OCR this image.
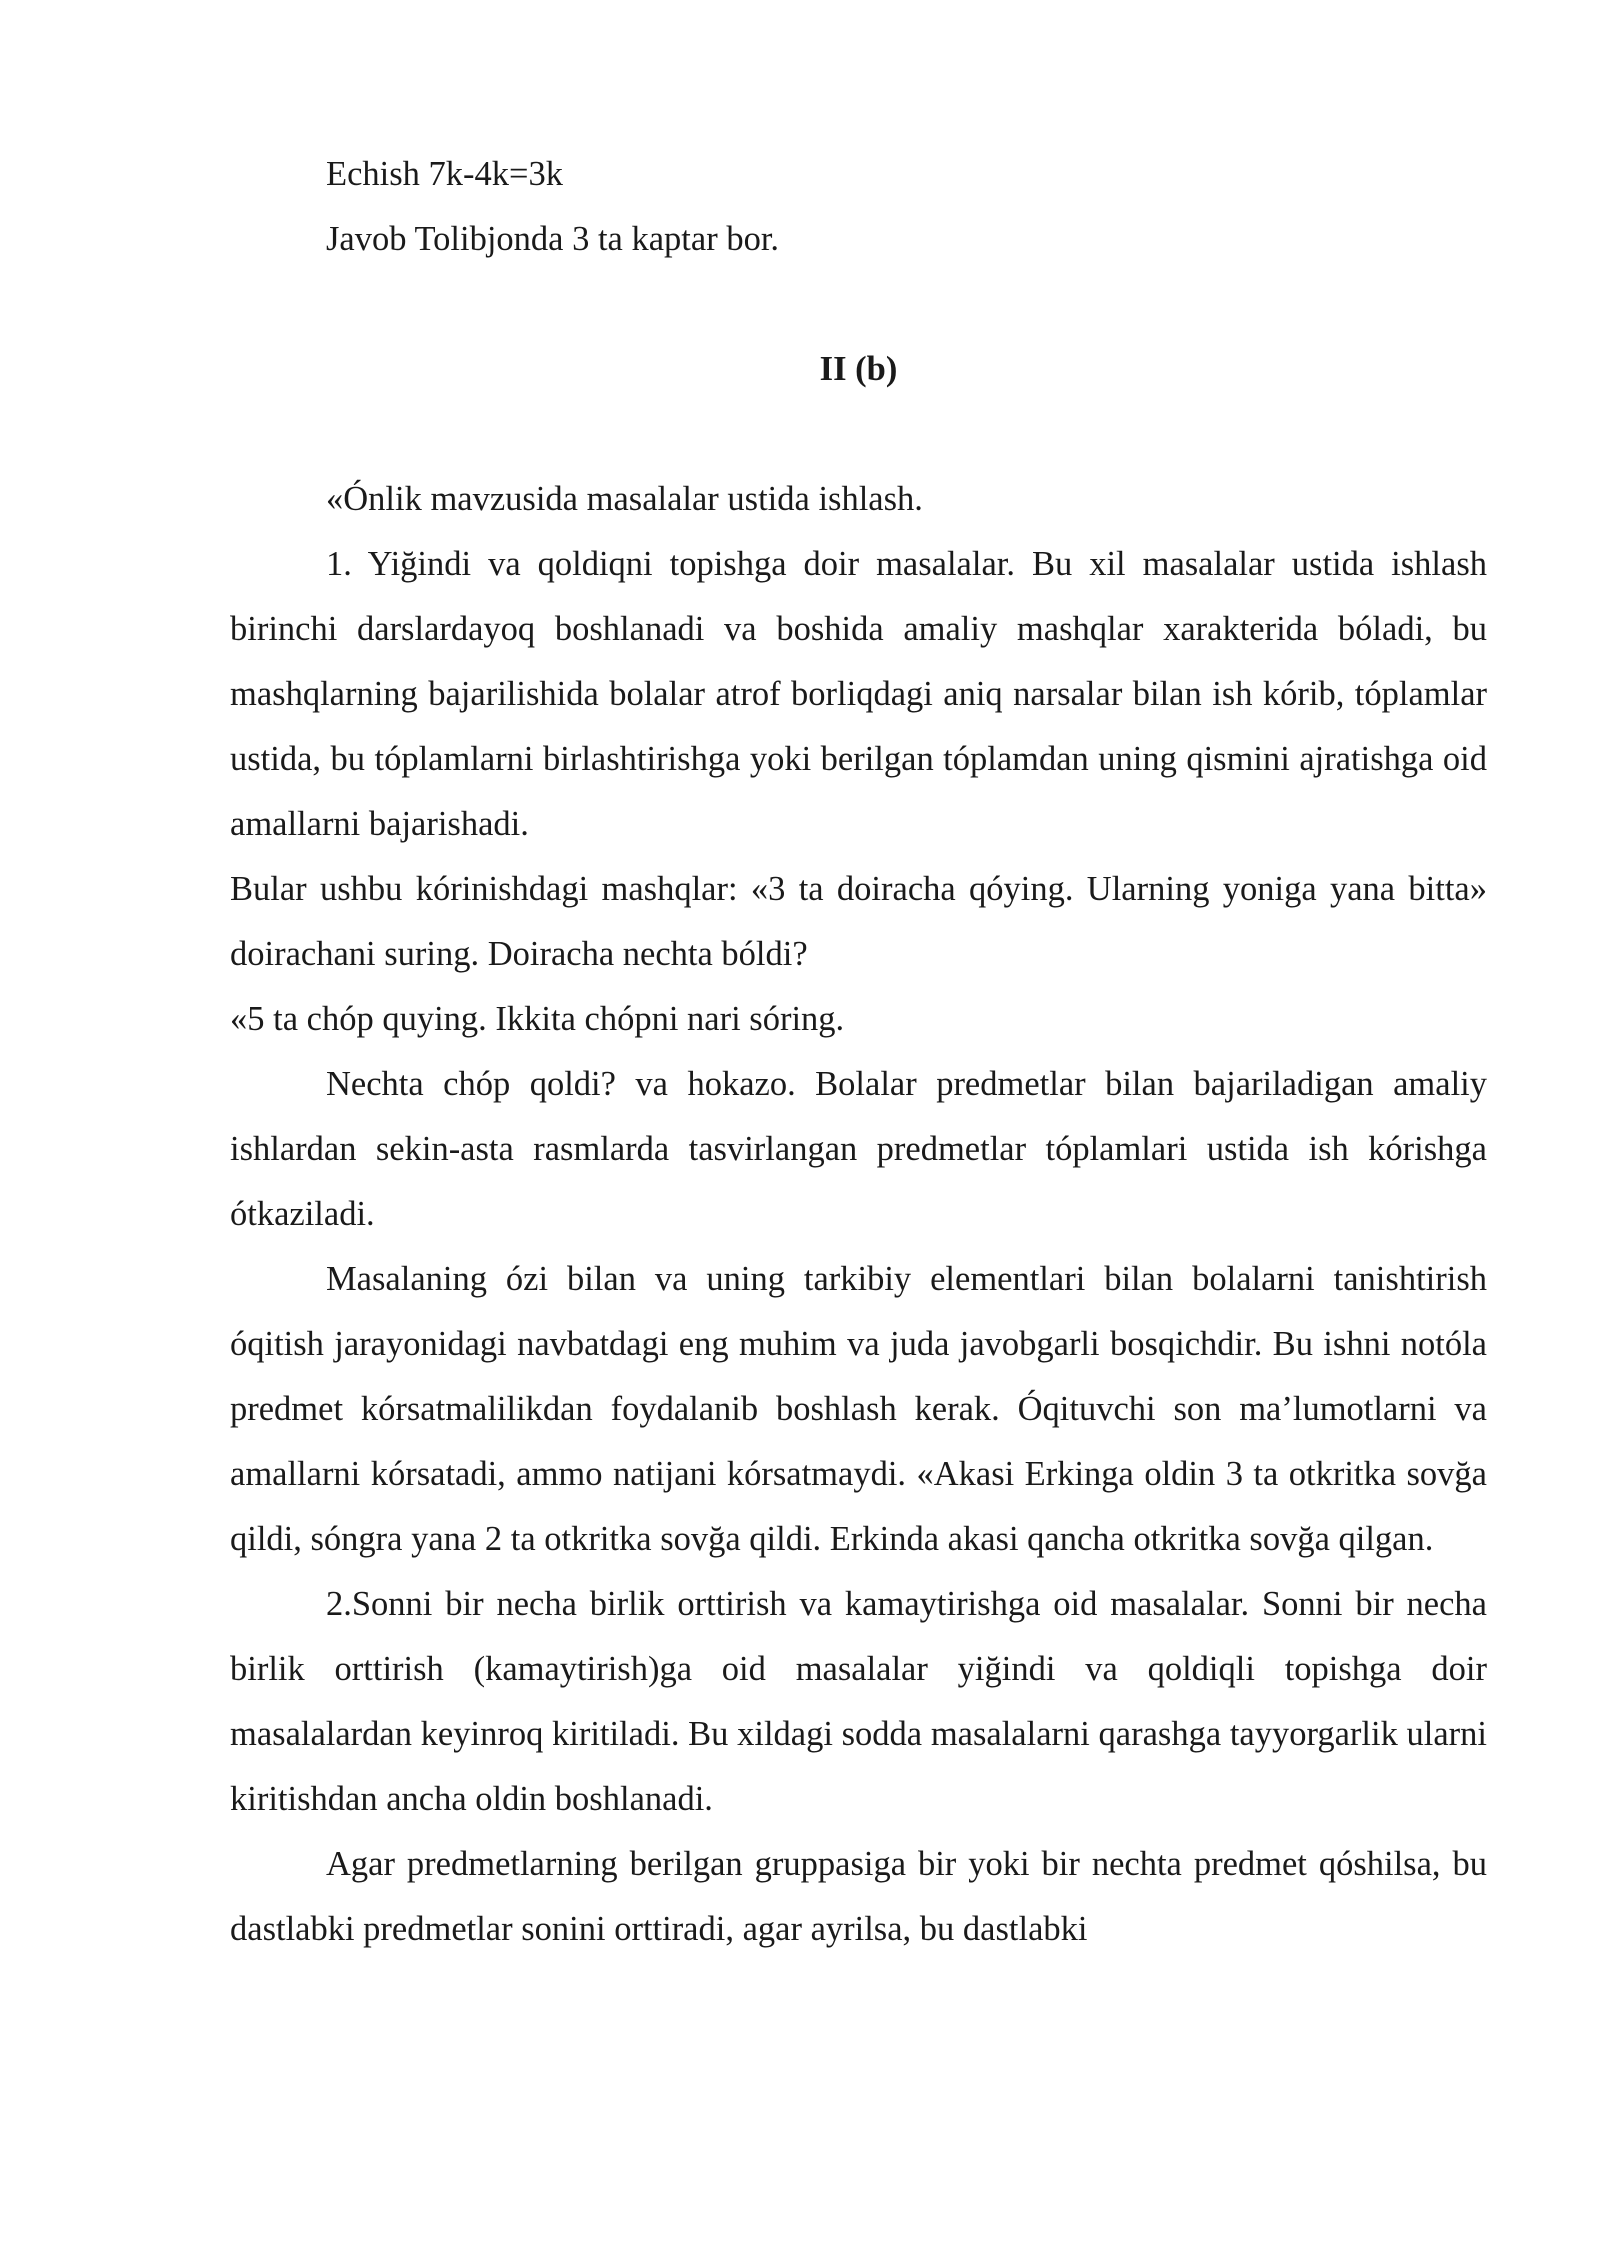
Echish 7k-4k=3k

Javob Tolibjonda 3 ta kaptar bor.

II (b)

«Ónlik mavzusida masalalar ustida ishlash.

1. Yiğindi va qoldiqni topishga doir masalalar. Bu xil masalalar ustida ishlash birinchi darslardayoq boshlanadi va boshida amaliy mashqlar xarakterida bóladi, bu mashqlarning bajarilishida bolalar atrof borliqdagi aniq narsalar bilan ish kórib, tóplamlar ustida, bu tóplamlarni birlashtirishga yoki berilgan tóplamdan uning qismini ajratishga oid amallarni bajarishadi.

Bular ushbu kórinishdagi mashqlar: «3 ta doiracha qóying. Ularning yoniga yana bitta» doirachani suring. Doiracha nechta bóldi?

«5 ta chóp quying. Ikkita chópni nari sóring.

Nechta chóp qoldi? va hokazo. Bolalar predmetlar bilan bajariladigan amaliy ishlardan sekin-asta rasmlarda tasvirlangan predmetlar tóplamlari ustida ish kórishga ótkaziladi.

Masalaning ózi bilan va uning tarkibiy elementlari bilan bolalarni tanishtirish óqitish jarayonidagi navbatdagi eng muhim va juda javobgarli bosqichdir. Bu ishni notóla predmet kórsatmalilikdan foydalanib boshlash kerak. Óqituvchi son ma’lumotlarni va amallarni kórsatadi, ammo natijani kórsatmaydi. «Akasi Erkinga oldin 3 ta otkritka sovğa qildi, sóngra yana 2 ta otkritka sovğa qildi. Erkinda akasi qancha otkritka sovğa qilgan.

2.Sonni bir necha birlik orttirish va kamaytirishga oid masalalar. Sonni bir necha birlik orttirish (kamaytirish)ga oid masalalar yiğindi va qoldiqli topishga doir masalalardan keyinroq kiritiladi. Bu xildagi sodda masalalarni qarashga tayyorgarlik ularni kiritishdan ancha oldin boshlanadi.

Agar predmetlarning berilgan gruppasiga bir yoki bir nechta predmet qóshilsa, bu dastlabki predmetlar sonini orttiradi, agar ayrilsa, bu dastlabki
